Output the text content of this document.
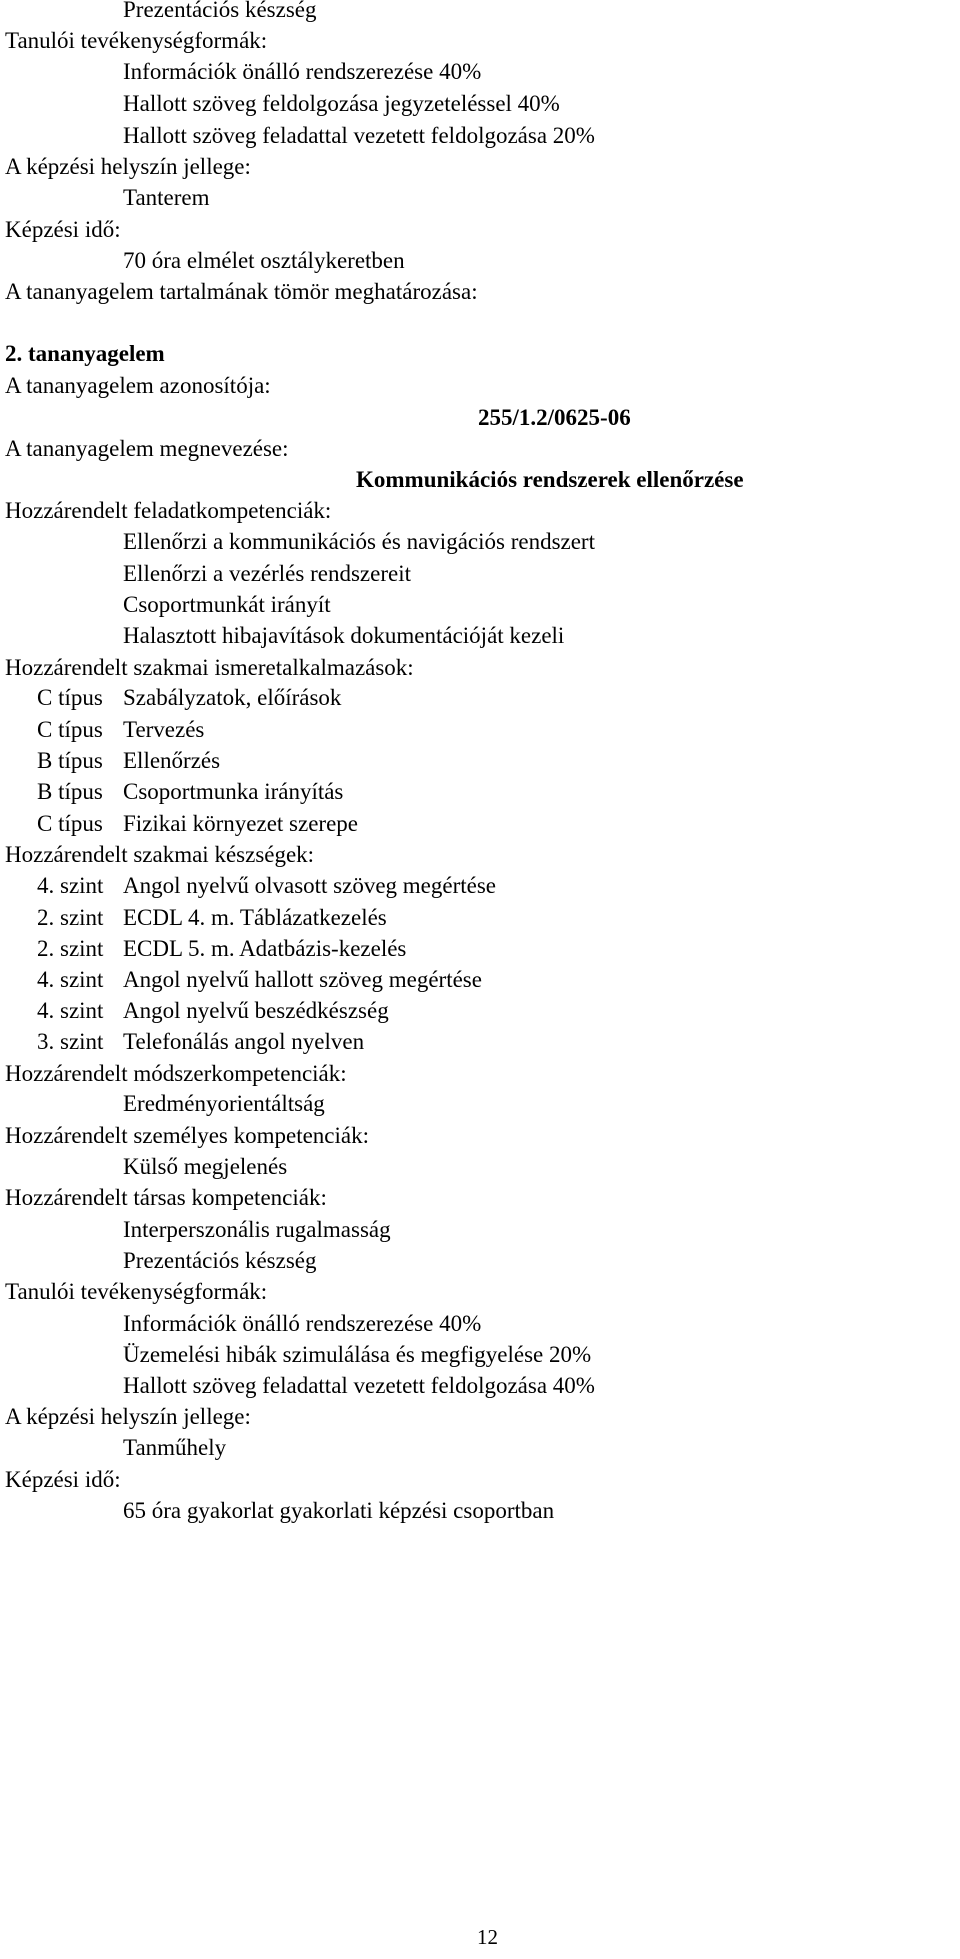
Prezentációs készség
Tanulói tevékenységformák:
Információk önálló rendszerezése 40%
Hallott szöveg feldolgozása jegyzeteléssel 40%
Hallott szöveg feladattal vezetett feldolgozása 20%
A képzési helyszín jellege:
Tanterem
Képzési idő:
70 óra elmélet osztálykeretben
A tananyagelem tartalmának tömör meghatározása:
2. tananyagelem
A tananyagelem azonosítója:
255/1.2/0625-06
A tananyagelem megnevezése:
Kommunikációs rendszerek ellenőrzése
Hozzárendelt feladatkompetenciák:
Ellenőrzi a kommunikációs és navigációs rendszert
Ellenőrzi a vezérlés rendszereit
Csoportmunkát irányít
Halasztott hibajavítások dokumentációját kezeli
Hozzárendelt szakmai ismeretalkalmazások:
C típus Szabályzatok, előírások
C típus Tervezés
B típus Ellenőrzés
B típus Csoportmunka irányítás
C típus Fizikai környezet szerepe
Hozzárendelt szakmai készségek:
4. szint Angol nyelvű olvasott szöveg megértése
2. szint ECDL 4. m. Táblázatkezelés
2. szint ECDL 5. m. Adatbázis-kezelés
4. szint Angol nyelvű hallott szöveg megértése
4. szint Angol nyelvű beszédkészség
3. szint Telefonálás angol nyelven
Hozzárendelt módszerkompetenciák:
Eredményorientáltság
Hozzárendelt személyes kompetenciák:
Külső megjelenés
Hozzárendelt társas kompetenciák:
Interperszonális rugalmasság
Prezentációs készség
Tanulói tevékenységformák:
Információk önálló rendszerezése 40%
Üzemelési hibák szimulálása és megfigyelése 20%
Hallott szöveg feladattal vezetett feldolgozása 40%
A képzési helyszín jellege:
Tanműhely
Képzési idő:
65 óra gyakorlat gyakorlati képzési csoportban
12
